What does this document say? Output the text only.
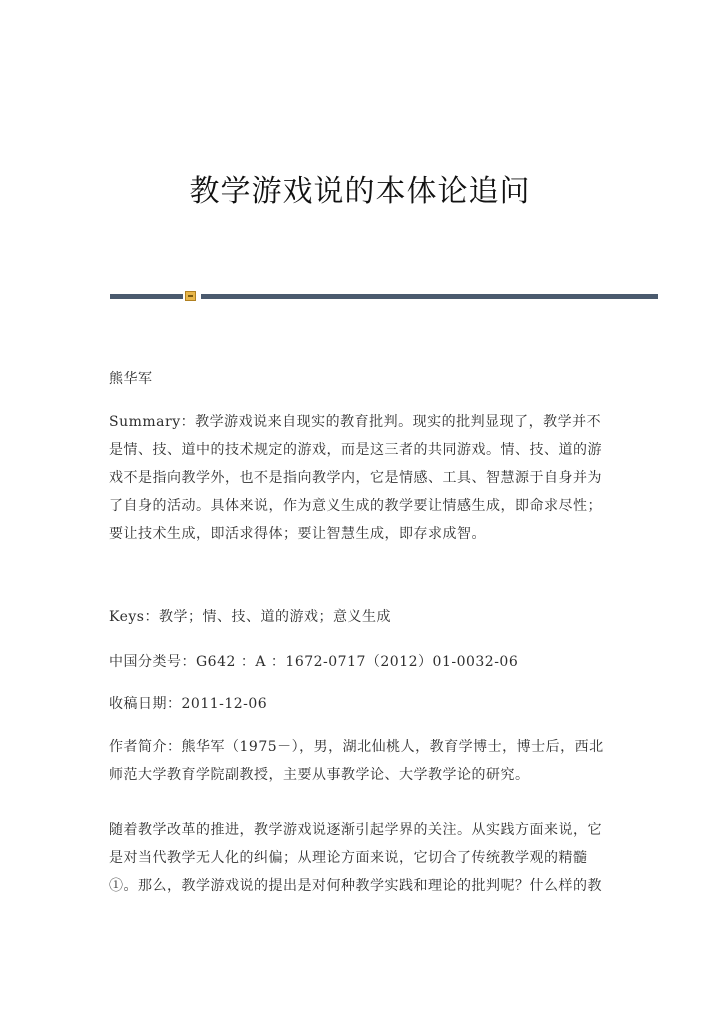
教学游戏说的本体论追问
熊华军
Summary：教学游戏说来自现实的教育批判。现实的批判显现了，教学并不是情、技、道中的技术规定的游戏，而是这三者的共同游戏。情、技、道的游戏不是指向教学外，也不是指向教学内，它是情感、工具、智慧源于自身并为了自身的活动。具体来说，作为意义生成的教学要让情感生成，即命求尽性；要让技术生成，即活求得体；要让智慧生成，即存求成智。
Keys：教学；情、技、道的游戏；意义生成
中国分类号：G642 ：A ：1672-0717（2012）01-0032-06
收稿日期：2011-12-06
作者简介：熊华军（1975－），男，湖北仙桃人，教育学博士，博士后，西北师范大学教育学院副教授，主要从事教学论、大学教学论的研究。
随着教学改革的推进，教学游戏说逐渐引起学界的关注。从实践方面来说，它是对当代教学无人化的纠偏；从理论方面来说，它切合了传统教学观的精髓①。那么，教学游戏说的提出是对何种教学实践和理论的批判呢？什么样的教
